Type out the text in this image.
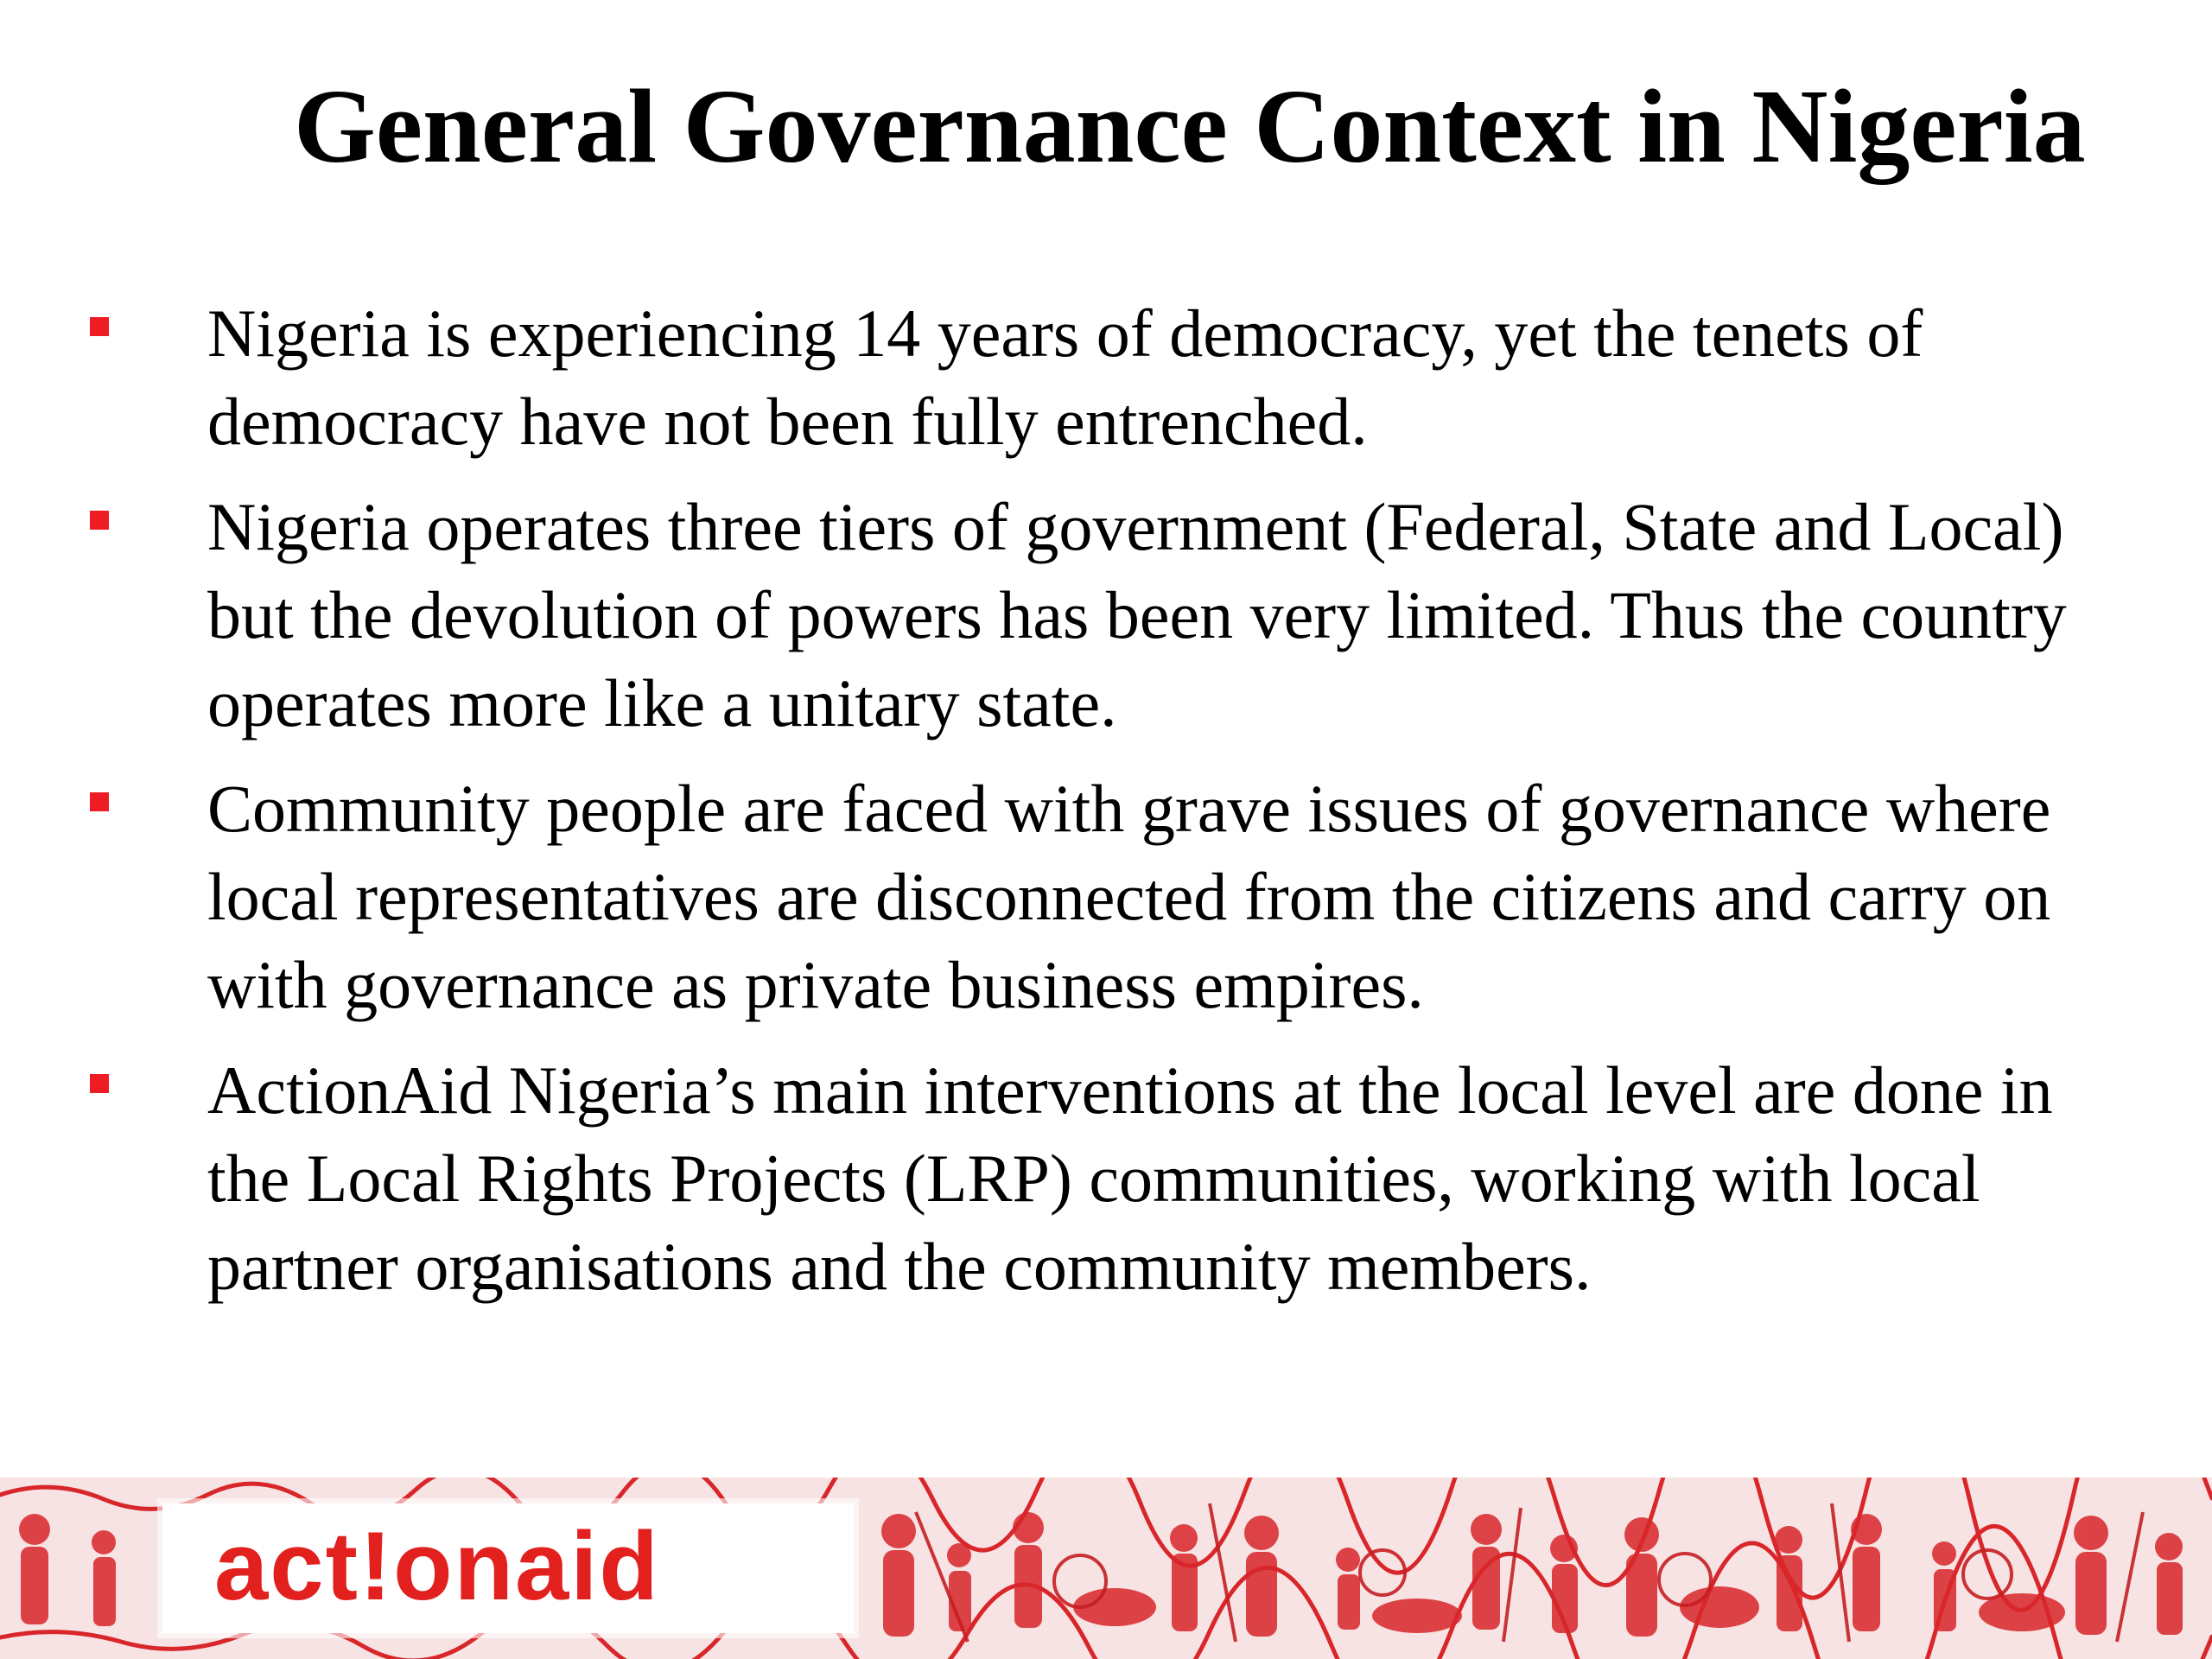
General Governance Context in Nigeria
Nigeria is experiencing 14 years of democracy, yet the tenets of democracy have not been fully entrenched.
Nigeria operates three tiers of government (Federal, State and Local) but the devolution of powers has been very limited. Thus the country operates more like a unitary state.
Community people are faced with grave issues of governance where local representatives are disconnected from the citizens and carry on with governance as private business empires.
ActionAid Nigeria’s main interventions at the local level are done in the Local Rights Projects (LRP) communities, working with local partner organisations and the community members.
act!onaid
